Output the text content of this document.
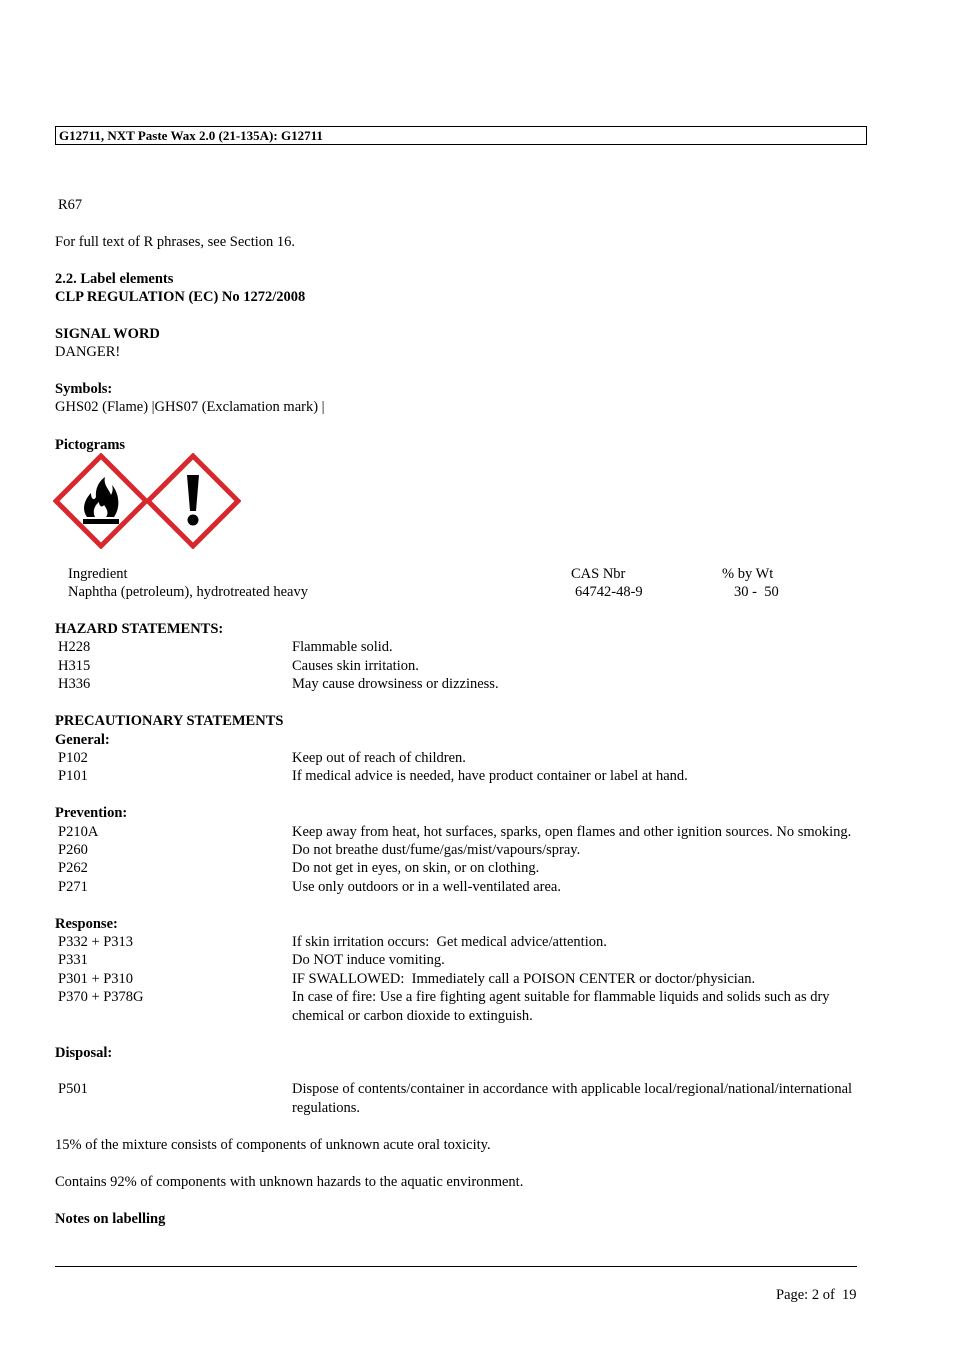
G12711, NXT Paste Wax 2.0 (21-135A): G12711
R67
For full text of R phrases, see Section 16.
2.2. Label elements
CLP REGULATION (EC) No 1272/2008
SIGNAL WORD
DANGER!
Symbols:
GHS02 (Flame) |GHS07 (Exclamation mark) |
Pictograms
Ingredient	CAS Nbr	% by Wt
Naphtha (petroleum), hydrotreated heavy	64742-48-9	30 -  50
HAZARD STATEMENTS:
H228	Flammable solid.
H315	Causes skin irritation.
H336	May cause drowsiness or dizziness.
PRECAUTIONARY STATEMENTS
General:
P102	Keep out of reach of children.
P101	If medical advice is needed, have product container or label at hand.
Prevention:
P210A	Keep away from heat, hot surfaces, sparks, open flames and other ignition sources. No smoking.
P260	Do not breathe dust/fume/gas/mist/vapours/spray.
P262	Do not get in eyes, on skin, or on clothing.
P271	Use only outdoors or in a well-ventilated area.
Response:
P332 + P313	If skin irritation occurs:  Get medical advice/attention.
P331	Do NOT induce vomiting.
P301 + P310	IF SWALLOWED:  Immediately call a POISON CENTER or doctor/physician.
P370 + P378G	In case of fire: Use a fire fighting agent suitable for flammable liquids and solids such as dry
chemical or carbon dioxide to extinguish.
Disposal:
P501	Dispose of contents/container in accordance with applicable local/regional/national/international
regulations.
15% of the mixture consists of components of unknown acute oral toxicity.
Contains 92% of components with unknown hazards to the aquatic environment.
Notes on labelling
Page: 2 of  19
